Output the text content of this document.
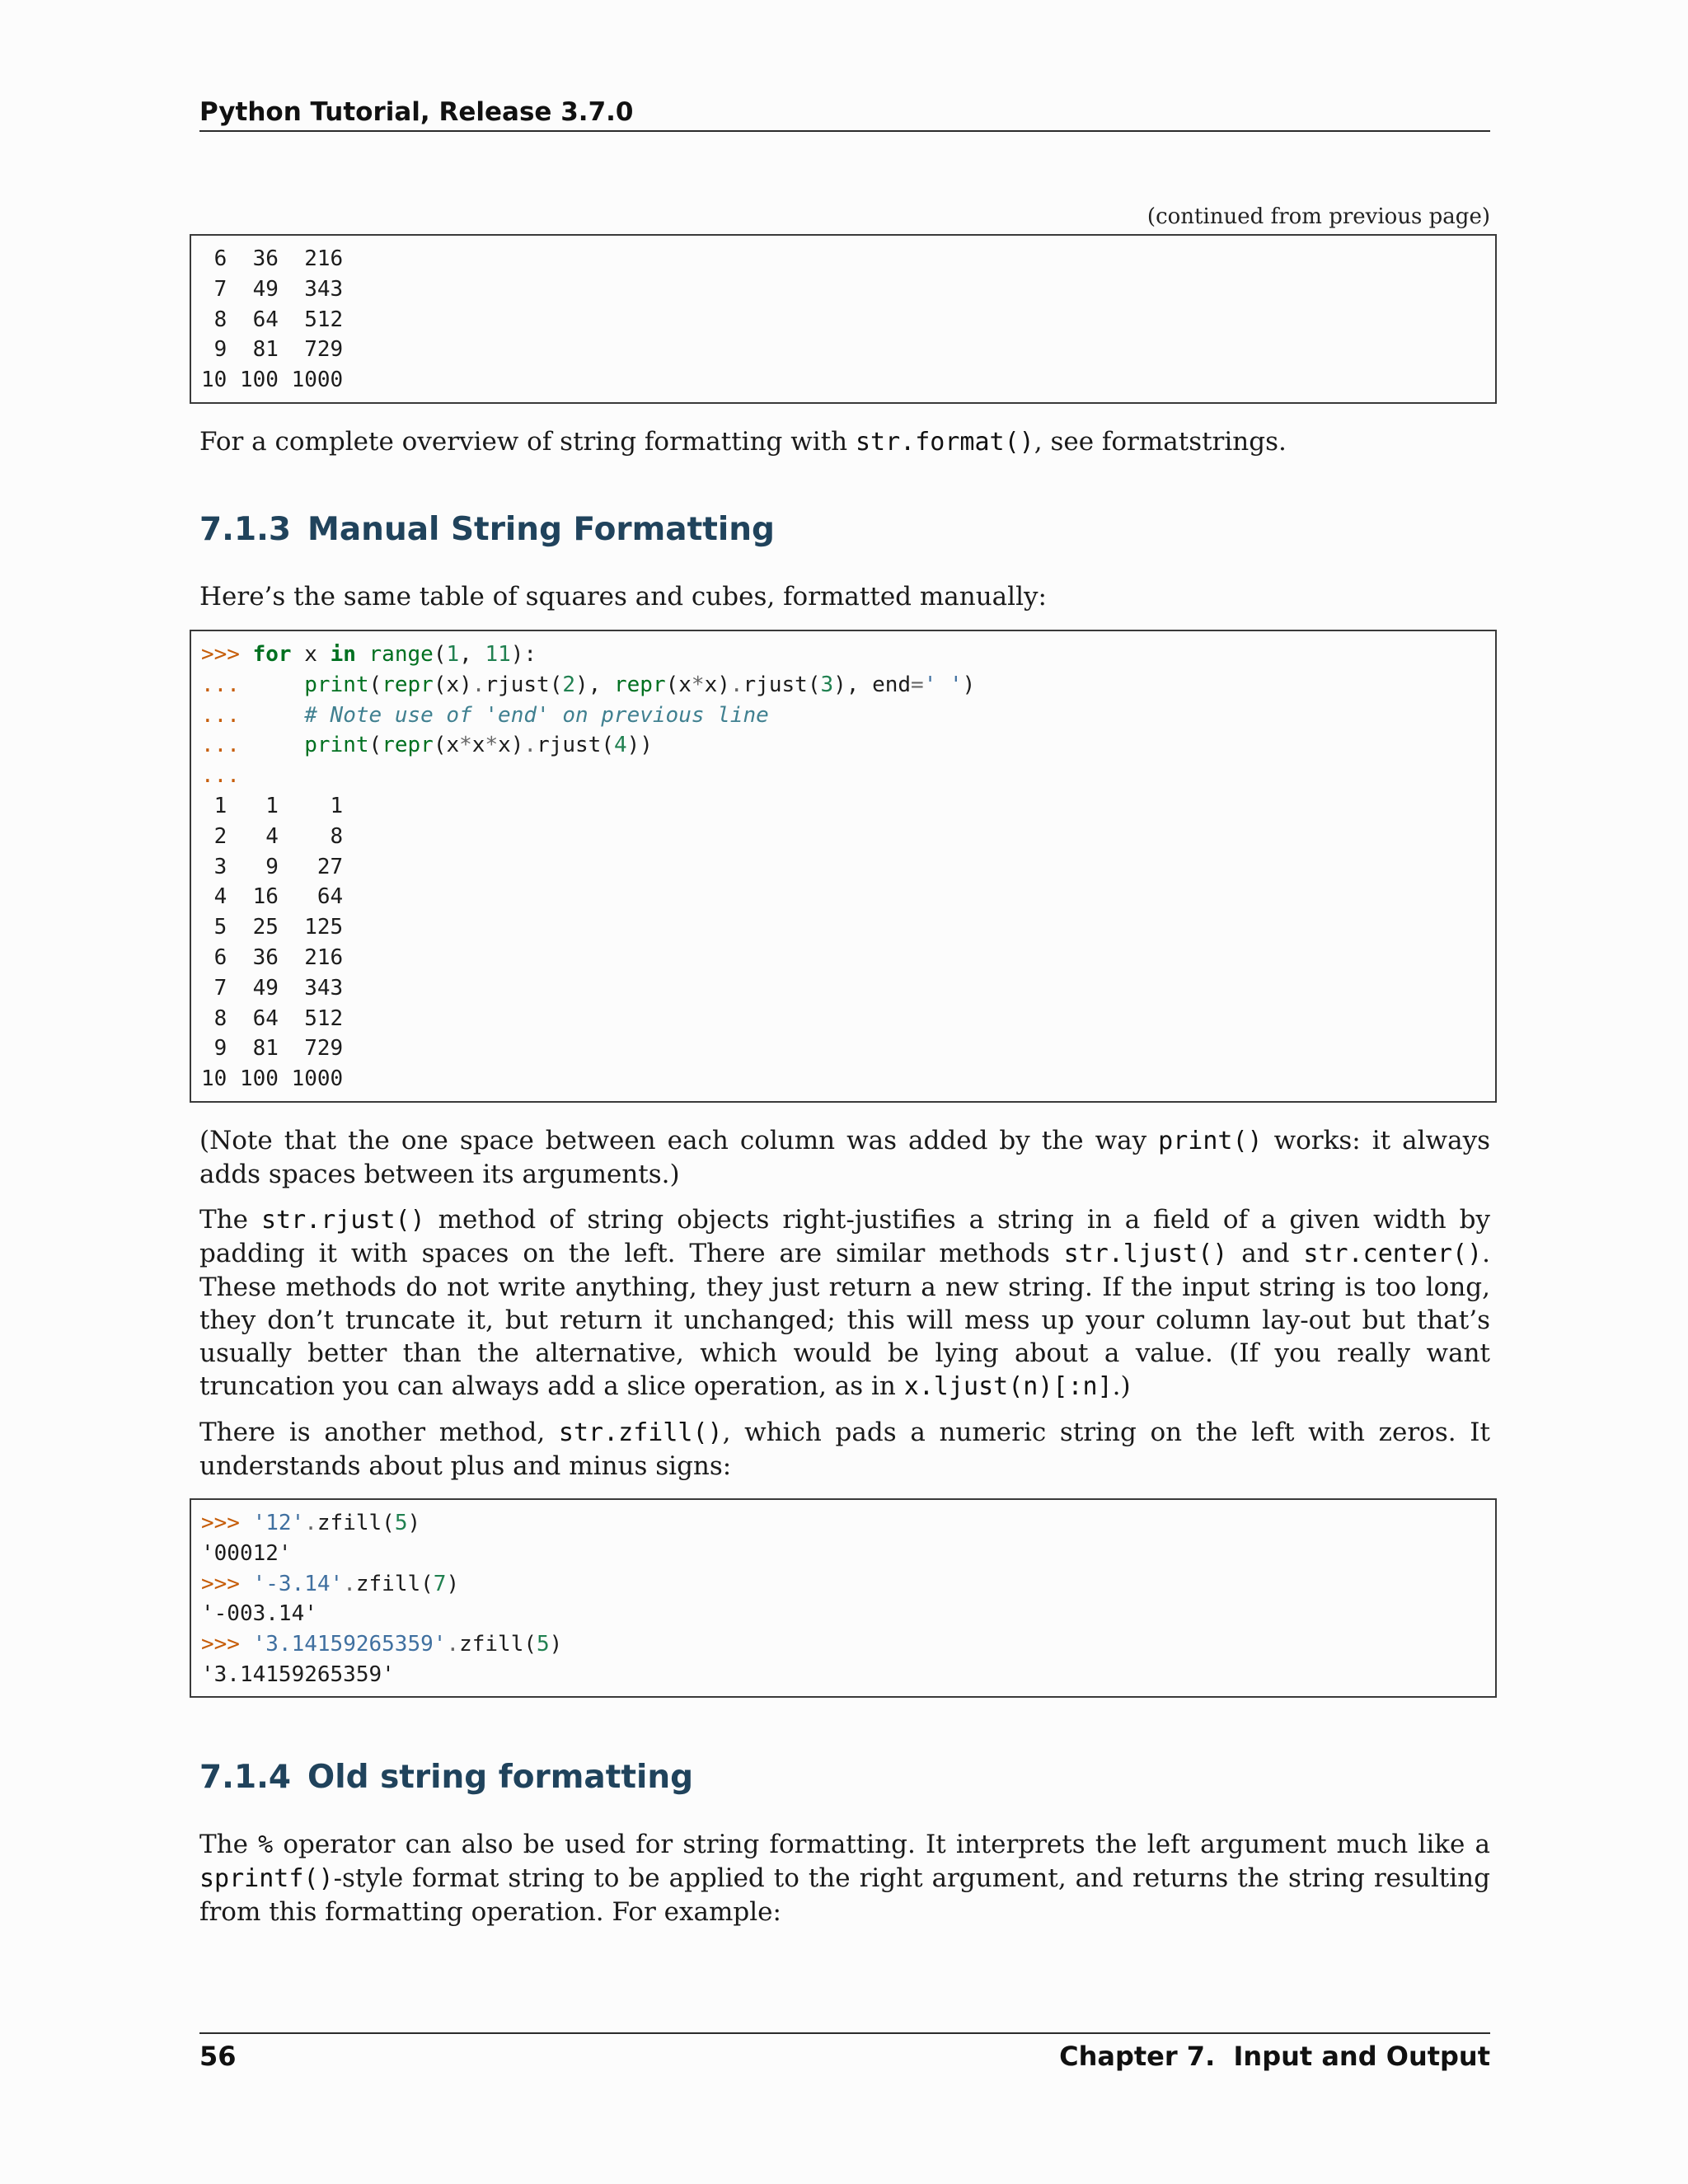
Python Tutorial, Release 3.7.0
(continued from previous page)
6  36  216
7  49  343
8  64  512
9  81  729
10 100 1000

For a complete overview of string formatting with str.format(), see formatstrings.

7.1.3 Manual String Formatting

Here’s the same table of squares and cubes, formatted manually:

>>> for x in range(1, 11):
...	print(repr(x).rjust(2), repr(x*x).rjust(3), end=' ')
...	# Note use of 'end' on previous line
...	print(repr(x*x*x).rjust(4))
...
1   1    1
2   4    8
3   9   27
4  16   64
5  25  125
6  36  216
7  49  343
8  64  512
9  81  729
10 100 1000

(Note that the one space between each column was added by the way print() works: it always adds spaces between its arguments.)

The str.rjust() method of string objects right-justifies a string in a field of a given width by padding it with spaces on the left. There are similar methods str.ljust() and str.center(). These methods do not write anything, they just return a new string. If the input string is too long, they don’t truncate it, but return it unchanged; this will mess up your column lay-out but that’s usually better than the alternative, which would be lying about a value. (If you really want truncation you can always add a slice operation, as in x.ljust(n)[:n].)

There is another method, str.zfill(), which pads a numeric string on the left with zeros. It understands about plus and minus signs:

>>> '12'.zfill(5)
'00012'
>>> '-3.14'.zfill(7)
'-003.14'
>>> '3.14159265359'.zfill(5)
'3.14159265359'
7.1.4 Old string formatting

The % operator can also be used for string formatting. It interprets the left argument much like a sprintf()-style format string to be applied to the right argument, and returns the string resulting from this formatting operation. For example:

56	Chapter 7.  Input and Output
